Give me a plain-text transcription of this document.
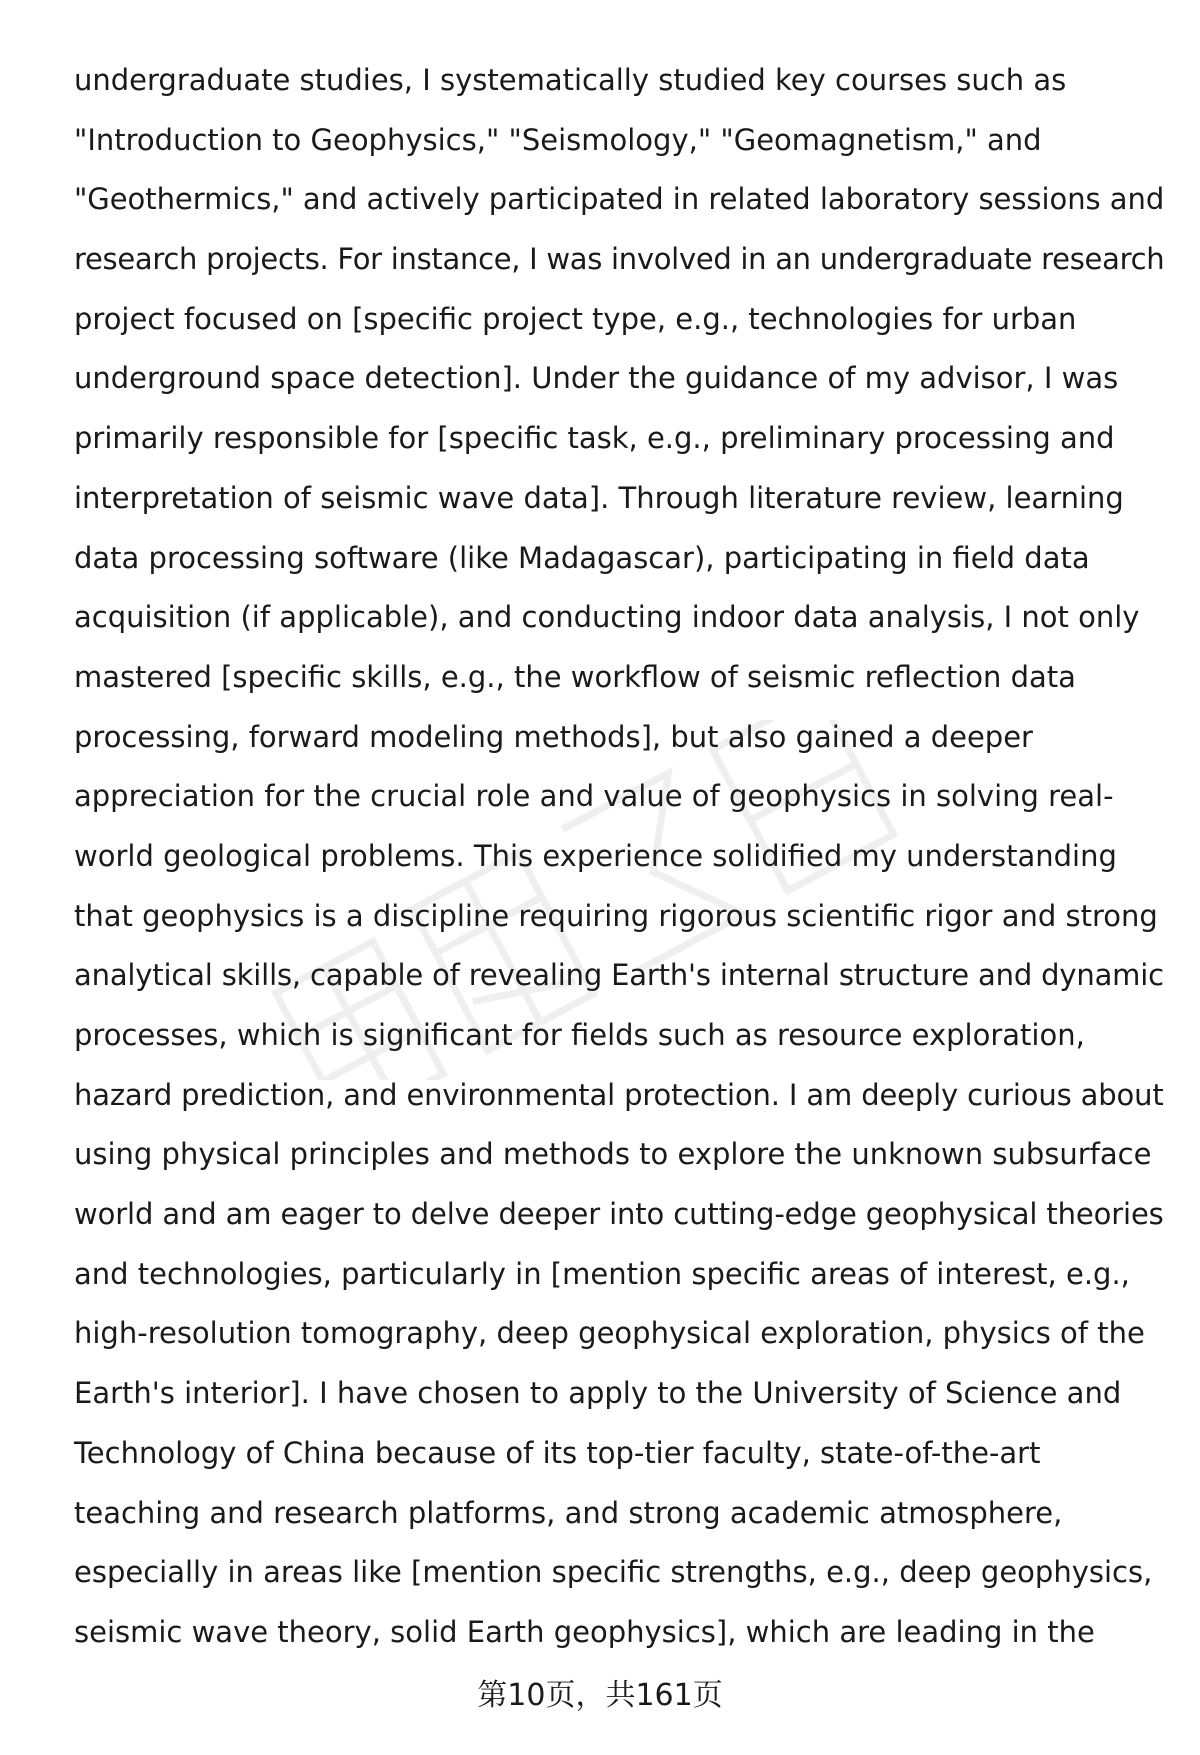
undergraduate studies, I systematically studied key courses such as
"Introduction to Geophysics," "Seismology," "Geomagnetism," and
"Geothermics," and actively participated in related laboratory sessions and
research projects. For instance, I was involved in an undergraduate research
project focused on [specific project type, e.g., technologies for urban
underground space detection]. Under the guidance of my advisor, I was
primarily responsible for [specific task, e.g., preliminary processing and
interpretation of seismic wave data]. Through literature review, learning
data processing software (like Madagascar), participating in field data
acquisition (if applicable), and conducting indoor data analysis, I not only
mastered [specific skills, e.g., the workflow of seismic reflection data
processing, forward modeling methods], but also gained a deeper
appreciation for the crucial role and value of geophysics in solving real-
world geological problems. This experience solidified my understanding
that geophysics is a discipline requiring rigorous scientific rigor and strong
analytical skills, capable of revealing Earth's internal structure and dynamic
processes, which is significant for fields such as resource exploration,
hazard prediction, and environmental protection. I am deeply curious about
using physical principles and methods to explore the unknown subsurface
world and am eager to delve deeper into cutting-edge geophysical theories
and technologies, particularly in [mention specific areas of interest, e.g.,
high-resolution tomography, deep geophysical exploration, physics of the
Earth's interior]. I have chosen to apply to the University of Science and
Technology of China because of its top-tier faculty, state-of-the-art
teaching and research platforms, and strong academic atmosphere,
especially in areas like [mention specific strengths, e.g., deep geophysics,
seismic wave theory, solid Earth geophysics], which are leading in the
第10页，共161页
